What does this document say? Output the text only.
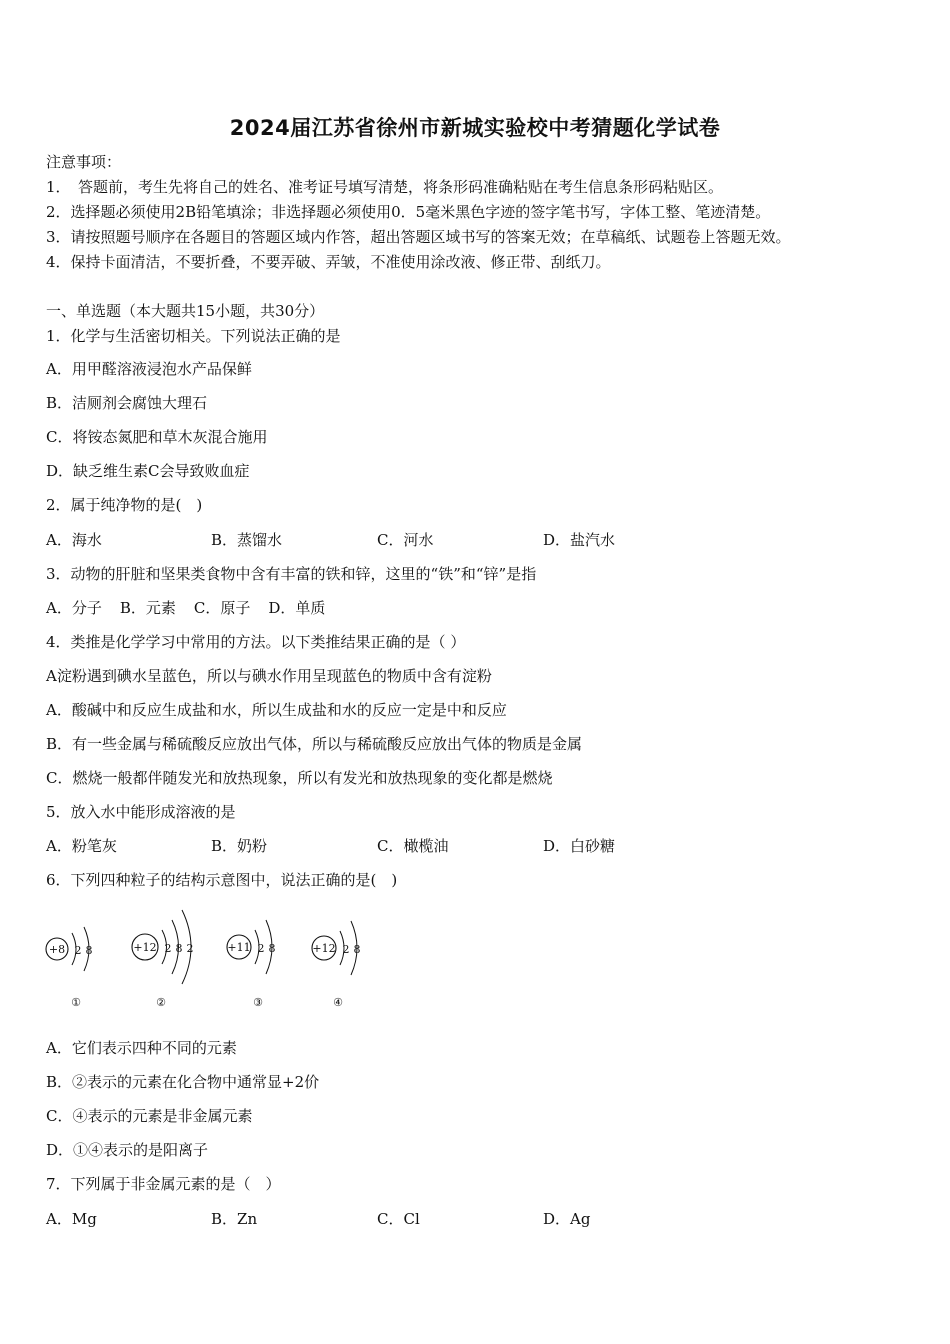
2024届江苏省徐州市新城实验校中考猜题化学试卷
注意事项：
1．　答题前，考生先将自己的姓名、准考证号填写清楚，将条形码准确粘贴在考生信息条形码粘贴区。
2．选择题必须使用2B铅笔填涂；非选择题必须使用0．5毫米黑色字迹的签字笔书写，字体工整、笔迹清楚。
3．请按照题号顺序在各题目的答题区域内作答，超出答题区域书写的答案无效；在草稿纸、试题卷上答题无效。
4．保持卡面清洁，不要折叠，不要弄破、弄皱，不准使用涂改液、修正带、刮纸刀。
一、单选题（本大题共15小题，共30分）
1．化学与生活密切相关。下列说法正确的是
A．用甲醛溶液浸泡水产品保鲜
B．洁厕剂会腐蚀大理石
C．将铵态氮肥和草木灰混合施用
D．缺乏维生素C会导致败血症
2．属于纯净物的是(　)
A．海水	B．蒸馏水	C．河水	D．盐汽水
3．动物的肝脏和坚果类食物中含有丰富的铁和锌，这里的“铁”和“锌”是指
A．分子 B．元素 C．原子 D．单质
4．类推是化学学习中常用的方法。以下类推结果正确的是（ ）
A淀粉遇到碘水呈蓝色，所以与碘水作用呈现蓝色的物质中含有淀粉
A．酸碱中和反应生成盐和水，所以生成盐和水的反应一定是中和反应
B．有一些金属与稀硫酸反应放出气体，所以与稀硫酸反应放出气体的物质是金属
C．燃烧一般都伴随发光和放热现象，所以有发光和放热现象的变化都是燃烧
5．放入水中能形成溶液的是
A．粉笔灰	B．奶粉	C．橄榄油	D．白砂糖
6．下列四种粒子的结构示意图中，说法正确的是(　)
+8 2 8
①
+12 2 8 2
②
+11 2 8
③
+12 2 8
④
A．它们表示四种不同的元素
B．②表示的元素在化合物中通常显+2价
C．④表示的元素是非金属元素
D．①④表示的是阳离子
7．下列属于非金属元素的是（　）
A．Mg	B．Zn	C．Cl	D．Ag
